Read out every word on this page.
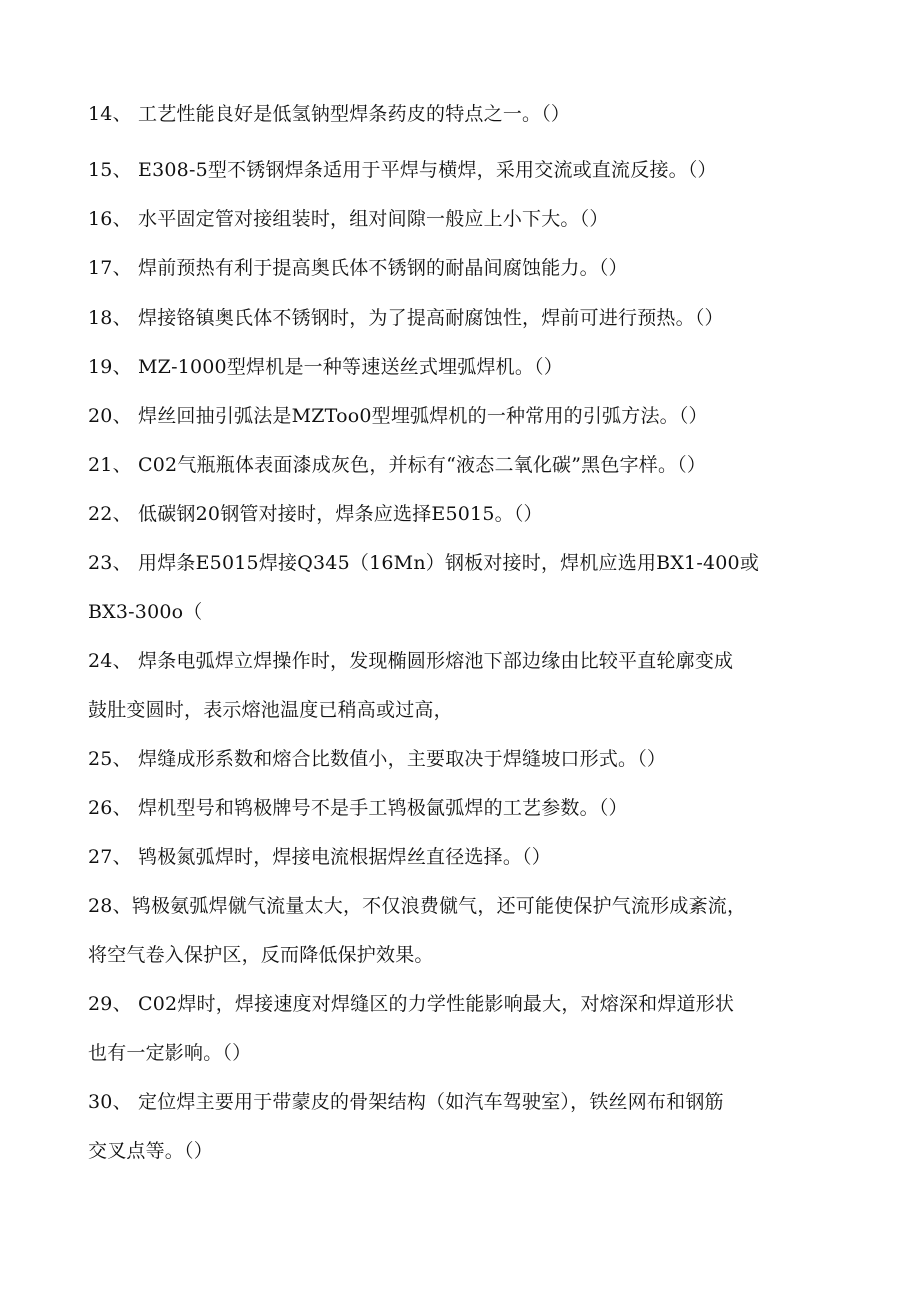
14、 工艺性能良好是低氢钠型焊条药皮的特点之一。（）
15、 E308-5型不锈钢焊条适用于平焊与横焊，采用交流或直流反接。（）
16、 水平固定管对接组装时，组对间隙一般应上小下大。（）
17、 焊前预热有利于提高奥氏体不锈钢的耐晶间腐蚀能力。（）
18、 焊接铬镇奥氏体不锈钢时，为了提高耐腐蚀性，焊前可进行预热。（）
19、 MZ-1000型焊机是一种等速送丝式埋弧焊机。（）
20、 焊丝回抽引弧法是MZToo0型埋弧焊机的一种常用的引弧方法。（）
21、 C02气瓶瓶体表面漆成灰色，并标有“液态二氧化碳”黑色字样。（）
22、 低碳钢20钢管对接时，焊条应选择E5015。（）
23、 用焊条E5015焊接Q345（16Mn）钢板对接时，焊机应选用BX1-400或
BX3-300o（
24、 焊条电弧焊立焊操作时，发现椭圆形熔池下部边缘由比较平直轮廓变成
鼓肚变圆时，表示熔池温度已稍高或过高，
25、 焊缝成形系数和熔合比数值小，主要取决于焊缝坡口形式。（）
26、 焊机型号和鸨极牌号不是手工鸨极氤弧焊的工艺参数。（）
27、 鸨极氮弧焊时，焊接电流根据焊丝直径选择。（）
28、鸨极氨弧焊僦气流量太大，不仅浪费僦气，还可能使保护气流形成紊流，
将空气卷入保护区，反而降低保护效果。
29、 C02焊时，焊接速度对焊缝区的力学性能影响最大，对熔深和焊道形状
也有一定影响。（）
30、 定位焊主要用于带蒙皮的骨架结构（如汽车驾驶室），铁丝网布和钢筋
交叉点等。（）
